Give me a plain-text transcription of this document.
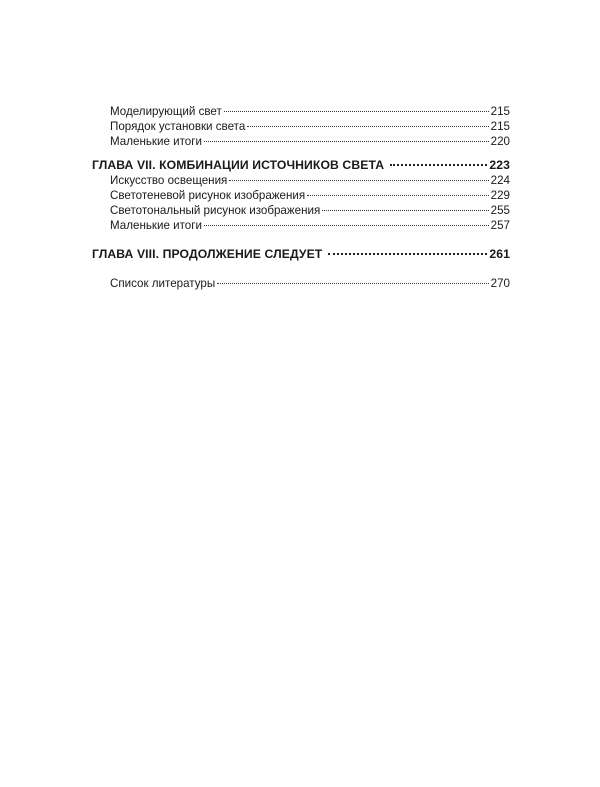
Моделирующий свет	215
Порядок установки света	215
Маленькие итоги	220
ГЛАВА VII. КОМБИНАЦИИ ИСТОЧНИКОВ СВЕТА	223
Искусство освещения	224
Светотеневой рисунок изображения	229
Светотональный рисунок изображения	255
Маленькие итоги	257
ГЛАВА VIII. ПРОДОЛЖЕНИЕ СЛЕДУЕТ	261
Список литературы	270
